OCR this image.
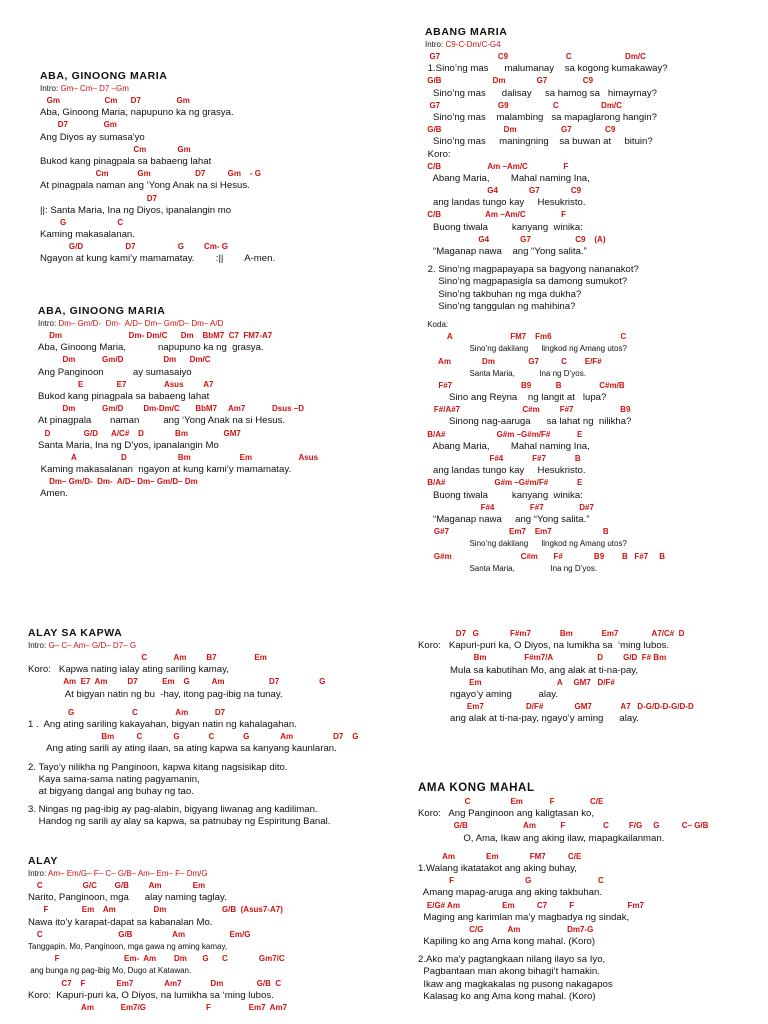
ABA, GINOONG MARIA
Intro: Gm– Cm– D7 –Gm
Gm                    Cm      D7                Gm
Aba, Ginoong Maria, napupuno ka ng grasya.
D7                Gm
Ang Diyos ay sumasa'yo
Cm              Gm
Bukod kang pinagpala sa babaeng lahat
Cm             Gm                    D7          Gm    - G
At pinagpala naman ang ‘Yong Anak na si Hesus.
D7
||: Santa Maria, Ina ng Diyos, ipanalangin mo
G                       C
Kaming makasalanan.
G/D                   D7                   G         Cm- G
Ngayon at kung kami’y mamamatay.        :||        A-men.
ABA, GINOONG MARIA
Intro: Dm– Gm/D-  Dm-  A/D– Dm– Gm/D– Dm– A/D
Dm                              Dm- Dm/C      Dm    BbM7  C7  FM7-A7
Aba, Ginoong Maria,            napupuno ka ng  grasya.
Dm            Gm/D                  Dm      Dm/C
Ang Panginoon           ay sumasaiyo
E               E7                 Asus         A7
Bukod kang pinagpala sa babaeng lahat
Dm            Gm/D         Dm-Dm/C       BbM7     Am7            Dsus –D
At pinagpala       naman         ang ‘Yong Anak na si Hesus.
D               G/D      A/C#    D              Bm                GM7
Santa Maria, Ina ng D’yos, ipanalangin Mo
A                    D                       Bm                      Em                     Asus
Kaming makasalanan  ngayon at kung kami’y mamamatay.
Dm– Gm/D-  Dm-  A/D– Dm– Gm/D– Dm
Amen.
ABANG MARIA
Intro: C9-C-Dm/C-G4
G7                          C9                          C                        Dm/C
1.Sino’ng mas      malumanay    sa kogong kumakaway?
G/B                       Dm              G7                C9
Sino’ng mas      dalisay     sa hamog sa   himaymay?
G7                          G9                    C                   Dm/C
Sino’ng mas    malambing   sa mapaglarong hangin?
G/B                            Dm                    G7               C9
Sino’ng mas     maningning    sa buwan at     bituin?
Koro:
C/B                     Am –Am/C                F
Abang Maria,        Mahal naming Ina,
G4              G7              C9
ang landas tungo kay     Hesukristo.
C/B                    Am –Am/C                F
Buong tiwala         kanyang  winika:
G4              G7                    C9    (A)
“Maganap nawa    ang “Yong salita.”
2. Sino’ng magpapayapa sa bagyong nananakot?
Sino’ng magpapasigla sa damong sumukot?
Sino’ng takbuhan ng mga dukha?
Sino’ng tanggulan ng mahihina?
Koda:
A                          FM7    Fm6                               C
Sino’ng dakilang      lingkod ng Amang utos?
Am              Dm               G7          C        E/F#
Santa Maria,           Ina ng D’yos.
F#7                               B9           B                 C#m/B
Sino ang Reyna    ng langit at   lupa?
F#/A#7                            C#m         F#7                     B9
Sinong nag-aaruga      sa lahat ng  nilikha?
B/A#                       G#m –G#m/F#            E
Abang Maria,        Mahal naming Ina,
F#4             F#7             B
ang landas tungo kay     Hesukristo.
B/A#                      G#m –G#m/F#             E
Buong tiwala         kanyang  winika:
F#4                F#7                D#7
“Maganap nawa     ang “Yong salita.”
G#7                           Em7    Em7                       B
Sino’ng dakilang      lingkod ng Amang utos?
G#m                               C#m       F#              B9        B   F#7     B
Santa Maria,                Ina ng D’yos.
ALAY SA KAPWA
Intro: G– C– Am– G/D– D7– G
C            Am         B7                 Em
Koro:   Kapwa nating ialay ating sariling kamay,
Am  E7  Am         D7           Em    G          Am                    D7                  G
At bigyan natin ng bu  -hay, itong pag-ibig na tunay.
G                          C                 Am            D7
1 .  Ang ating sariling kakayahan, bigyan natin ng kahalagahan.
Bm          C              G             C             G              Am                  D7    G
Ang ating sarili ay ating ilaan, sa ating kapwa sa kanyang kaunlaran.
2. Tayo’y nilikha ng Panginoon, kapwa kitang nagsisikap dito.
Kaya sama-sama nating pagyamanin,
at bigyang dangal ang buhay ng tao.
3. Ningas ng pag-ibig ay pag-alabin, bigyang liwanag ang kadiliman.
Handog ng sarili ay alay sa kapwa, sa patnubay ng Espiritung Banal.
ALAY
Intro: Am– Em/G– F– C– G/B– Am– Em– F– Dm/G
C                  G/C        G/B         Am              Em
Narito, Panginoon, mga      alay naming taglay.
F               Em    Am                 Dm                         G/B  (Asus7-A7)
Nawa ito’y karapat-dapat sa kabanalan Mo.
C                                  G/B                  Am                    Em/G
Tanggapin, Mo, Panginoon, mga gawa ng aming kamay,
F                             Em-  Am        Dm       G      C              Gm7/C
ang bunga ng pag-ibig Mo, Dugo at Katawan.
C7    F              Em7              Am7             Dm               G/B  C
Koro:  Kapuri-puri ka, O Diyos, na lumikha sa ‘ming lubos.
Am            Em7/G                           F                 Em7  Am7
D7   G              F#m7             Bm             Em7               A7/C#  D
Koro:   Kapuri-puri ka, O Diyos, na lumikha sa  ‘ming lubos.
Bm                 F#m7/A                    D         G/D  F# Bm
Mula sa kabutihan Mo, ang alak at ti-na-pay,
Em                                  A     GM7   D/F#
ngayo’y aming          alay.
Em7                   D/F#              GM7             A7   D-G/D-D-G/D-D
ang alak at ti-na-pay, ngayo’y aming      alay.
AMA KONG MAHAL
C                  Em            F                C/E
Koro:   Ang Panginoon ang kaligtasan ko,
G/B                         Am           F                 C         F/G     G          C– G/B
O, Ama, Ikaw ang aking ilaw, mapagkailanman.
Am              Em              FM7          C/E
1.Walang ikatatakot ang aking buhay,
F                                G                              C
Amang mapag-aruga ang aking takbuhan.
E/G# Am                   Em          C7          F                        Fm7
Maging ang karimlan ma’y magbadya ng sindak,
C/G           Am                     Dm7-G
Kapiling ko ang Ama kong mahal. (Koro)
2.Ako ma’y pagtangkaan nilang ilayo sa Iyo,
Pagbantaan man akong bihagi’t hamakin.
Ikaw ang magkakalas ng pusong nakagapos
Kalasag ko ang Ama kong mahal. (Koro)
